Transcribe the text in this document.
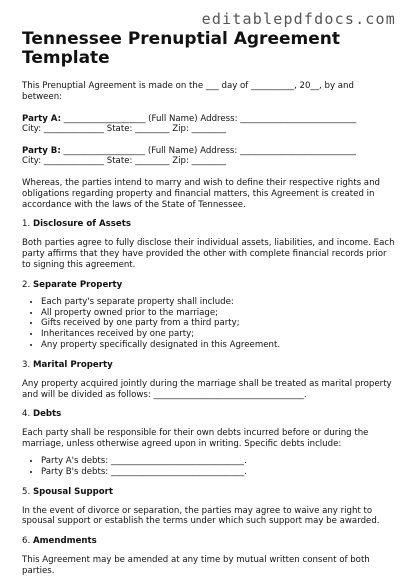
editablepdfdocs.com
Tennessee Prenuptial Agreement
Template

This Prenuptial Agreement is made on the ___ day of __________, 20__, by and between:

Party A: ___________________ (Full Name) Address: ___________________________
City: ______________ State: ________ Zip: ________
Party B: ___________________ (Full Name) Address: ___________________________
City: ______________ State: ________ Zip: ________

Whereas, the parties intend to marry and wish to define their respective rights and obligations regarding property and financial matters, this Agreement is created in accordance with the laws of the State of Tennessee.

1. Disclosure of Assets

Both parties agree to fully disclose their individual assets, liabilities, and income. Each party affirms that they have provided the other with complete financial records prior to signing this agreement.

2. Separate Property
• Each party's separate property shall include:
• All property owned prior to the marriage;
• Gifts received by one party from a third party;
• Inheritances received by one party;
• Any property specifically designated in this Agreement.
3. Marital Property

Any property acquired jointly during the marriage shall be treated as marital property and will be divided as follows: ___________________________________.

4. Debts

Each party shall be responsible for their own debts incurred before or during the marriage, unless otherwise agreed upon in writing. Specific debts include:

• Party A's debts: _______________________________.
• Party B's debts: _______________________________.
5. Spousal Support

In the event of divorce or separation, the parties may agree to waive any right to spousal support or establish the terms under which such support may be awarded.

6. Amendments

This Agreement may be amended at any time by mutual written consent of both parties.
